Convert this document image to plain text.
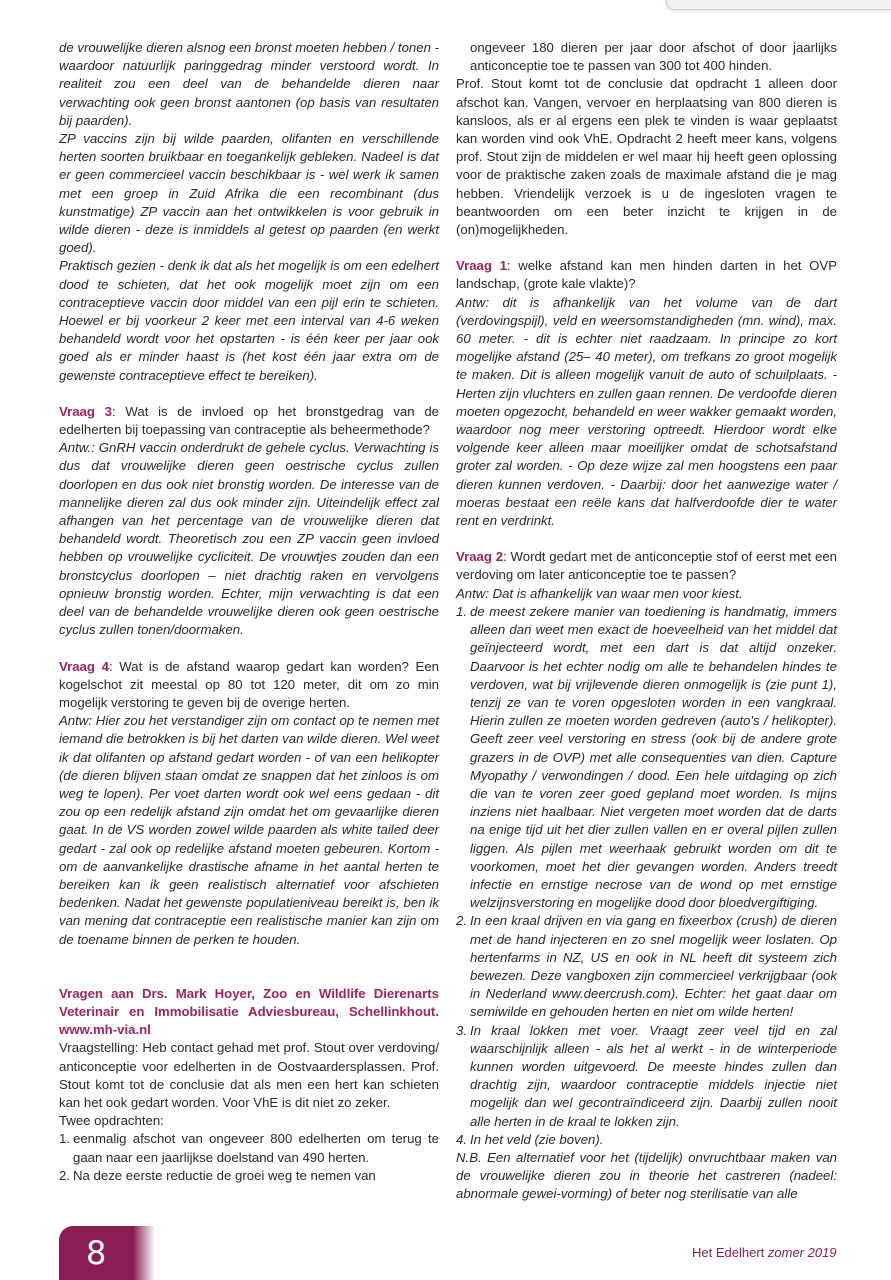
de vrouwelijke dieren alsnog een bronst moeten hebben / tonen - waardoor natuurlijk paringgedrag minder verstoord wordt. In realiteit zou een deel van de behandelde dieren naar verwachting ook geen bronst aantonen (op basis van resultaten bij paarden).

ZP vaccins zijn bij wilde paarden, olifanten en verschillende herten soorten bruikbaar en toegankelijk gebleken. Nadeel is dat er geen commercieel vaccin beschikbaar is - wel werk ik samen met een groep in Zuid Afrika die een recombinant (dus kunstmatige) ZP vaccin aan het ontwikkelen is voor gebruik in wilde dieren - deze is inmiddels al getest op paarden (en werkt goed).

Praktisch gezien - denk ik dat als het mogelijk is om een edelhert dood te schieten, dat het ook mogelijk moet zijn om een contraceptieve vaccin door middel van een pijl erin te schieten. Hoewel er bij voorkeur 2 keer met een interval van 4-6 weken behandeld wordt voor het opstarten - is één keer per jaar ook goed als er minder haast is (het kost één jaar extra om de gewenste contraceptieve effect te bereiken).

Vraag 3: Wat is de invloed op het bronstgedrag van de edelherten bij toepassing van contraceptie als beheermethode?

Antw.: GnRH vaccin onderdrukt de gehele cyclus. Verwachting is dus dat vrouwelijke dieren geen oestrische cyclus zullen doorlopen en dus ook niet bronstig worden. De interesse van de mannelijke dieren zal dus ook minder zijn. Uiteindelijk effect zal afhangen van het percentage van de vrouwelijke dieren dat behandeld wordt. Theoretisch zou een ZP vaccin geen invloed hebben op vrouwelijke cycliciteit. De vrouwtjes zouden dan een bronstcyclus doorlopen – niet drachtig raken en vervolgens opnieuw bronstig worden. Echter, mijn verwachting is dat een deel van de behandelde vrouwelijke dieren ook geen oestrische cyclus zullen tonen/doormaken.

Vraag 4: Wat is de afstand waarop gedart kan worden? Een kogelschot zit meestal op 80 tot 120 meter, dit om zo min mogelijk verstoring te geven bij de overige herten.

Antw: Hier zou het verstandiger zijn om contact op te nemen met iemand die betrokken is bij het darten van wilde dieren. Wel weet ik dat olifanten op afstand gedart worden - of van een helikopter (de dieren blijven staan omdat ze snappen dat het zinloos is om weg te lopen). Per voet darten wordt ook wel eens gedaan - dit zou op een redelijk afstand zijn omdat het om gevaarlijke dieren gaat. In de VS worden zowel wilde paarden als white tailed deer gedart - zal ook op redelijke afstand moeten gebeuren. Kortom - om de aanvankelijke drastische afname in het aantal herten te bereiken kan ik geen realistisch alternatief voor afschieten bedenken. Nadat het gewenste populatieniveau bereikt is, ben ik van mening dat contraceptie een realistische manier kan zijn om de toename binnen de perken te houden.

Vragen aan Drs. Mark Hoyer, Zoo en Wildlife Dierenarts Veterinair en Immobilisatie Adviesbureau, Schellinkhout. www.mh-via.nl

Vraagstelling: Heb contact gehad met prof. Stout over verdoving/ anticonceptie voor edelherten in de Oostvaardersplassen. Prof. Stout komt tot de conclusie dat als men een hert kan schieten kan het ook gedart worden. Voor VhE is dit niet zo zeker.

Twee opdrachten:

1. eenmalig afschot van ongeveer 800 edelherten om terug te gaan naar een jaarlijkse doelstand van 490 herten.
2. Na deze eerste reductie de groei weg te nemen van

ongeveer 180 dieren per jaar door afschot of door jaarlijks anticonceptie toe te passen van 300 tot 400 hinden.

Prof. Stout komt tot de conclusie dat opdracht 1 alleen door afschot kan. Vangen, vervoer en herplaatsing van 800 dieren is kansloos, als er al ergens een plek te vinden is waar geplaatst kan worden vind ook VhE. Opdracht 2 heeft meer kans, volgens prof. Stout zijn de middelen er wel maar hij heeft geen oplossing voor de praktische zaken zoals de maximale afstand die je mag hebben. Vriendelijk verzoek is u de ingesloten vragen te beantwoorden om een beter inzicht te krijgen in de (on)mogelijkheden.

Vraag 1: welke afstand kan men hinden darten in het OVP landschap, (grote kale vlakte)?

Antw: dit is afhankelijk van het volume van de dart (verdovingspijl), veld en weersomstandigheden (mn. wind), max. 60 meter. - dit is echter niet raadzaam. In principe zo kort mogelijke afstand (25– 40 meter), om trefkans zo groot mogelijk te maken. Dit is alleen mogelijk vanuit de auto of schuilplaats. - Herten zijn vluchters en zullen gaan rennen. De verdoofde dieren moeten opgezocht, behandeld en weer wakker gemaakt worden, waardoor nog meer verstoring optreedt. Hierdoor wordt elke volgende keer alleen maar moeilijker omdat de schotsafstand groter zal worden. - Op deze wijze zal men hoogstens een paar dieren kunnen verdoven. - Daarbij: door het aanwezige water / moeras bestaat een reële kans dat halfverdoofde dier te water rent en verdrinkt.

Vraag 2: Wordt gedart met de anticonceptie stof of eerst met een verdoving om later anticonceptie toe te passen?

Antw: Dat is afhankelijk van waar men voor kiest.

1. de meest zekere manier van toediening is handmatig, immers alleen dan weet men exact de hoeveelheid van het middel dat geïnjecteerd wordt, met een dart is dat altijd onzeker. Daarvoor is het echter nodig om alle te behandelen hindes te verdoven, wat bij vrijlevende dieren onmogelijk is (zie punt 1), tenzij ze van te voren opgesloten worden in een vangkraal. Hierin zullen ze moeten worden gedreven (auto's / helikopter). Geeft zeer veel verstoring en stress (ook bij de andere grote grazers in de OVP) met alle consequenties van dien. Capture Myopathy / verwondingen / dood. Een hele uitdaging op zich die van te voren zeer goed gepland moet worden. Is mijns inziens niet haalbaar. Niet vergeten moet worden dat de darts na enige tijd uit het dier zullen vallen en er overal pijlen zullen liggen. Als pijlen met weerhaak gebruikt worden om dit te voorkomen, moet het dier gevangen worden. Anders treedt infectie en ernstige necrose van de wond op met ernstige welzijnsverstoring en mogelijke dood door bloedvergiftiging.
2. In een kraal drijven en via gang en fixeerbox (crush) de dieren met de hand injecteren en zo snel mogelijk weer loslaten. Op hertenfarms in NZ, US en ook in NL heeft dit systeem zich bewezen. Deze vangboxen zijn commercieel verkrijgbaar (ook in Nederland www.deercrush.com). Echter: het gaat daar om semiwilde en gehouden herten en niet om wilde herten!
3. In kraal lokken met voer. Vraagt zeer veel tijd en zal waarschijnlijk alleen - als het al werkt - in de winterperiode kunnen worden uitgevoerd. De meeste hindes zullen dan drachtig zijn, waardoor contraceptie middels injectie niet mogelijk dan wel gecontraïndiceerd zijn. Daarbij zullen nooit alle herten in de kraal te lokken zijn.
4. In het veld (zie boven).

N.B. Een alternatief voor het (tijdelijk) onvruchtbaar maken van de vrouwelijke dieren zou in theorie het castreren (nadeel: abnormale gewei-vorming) of beter nog sterilisatie van alle

8	Het Edelhert zomer 2019
